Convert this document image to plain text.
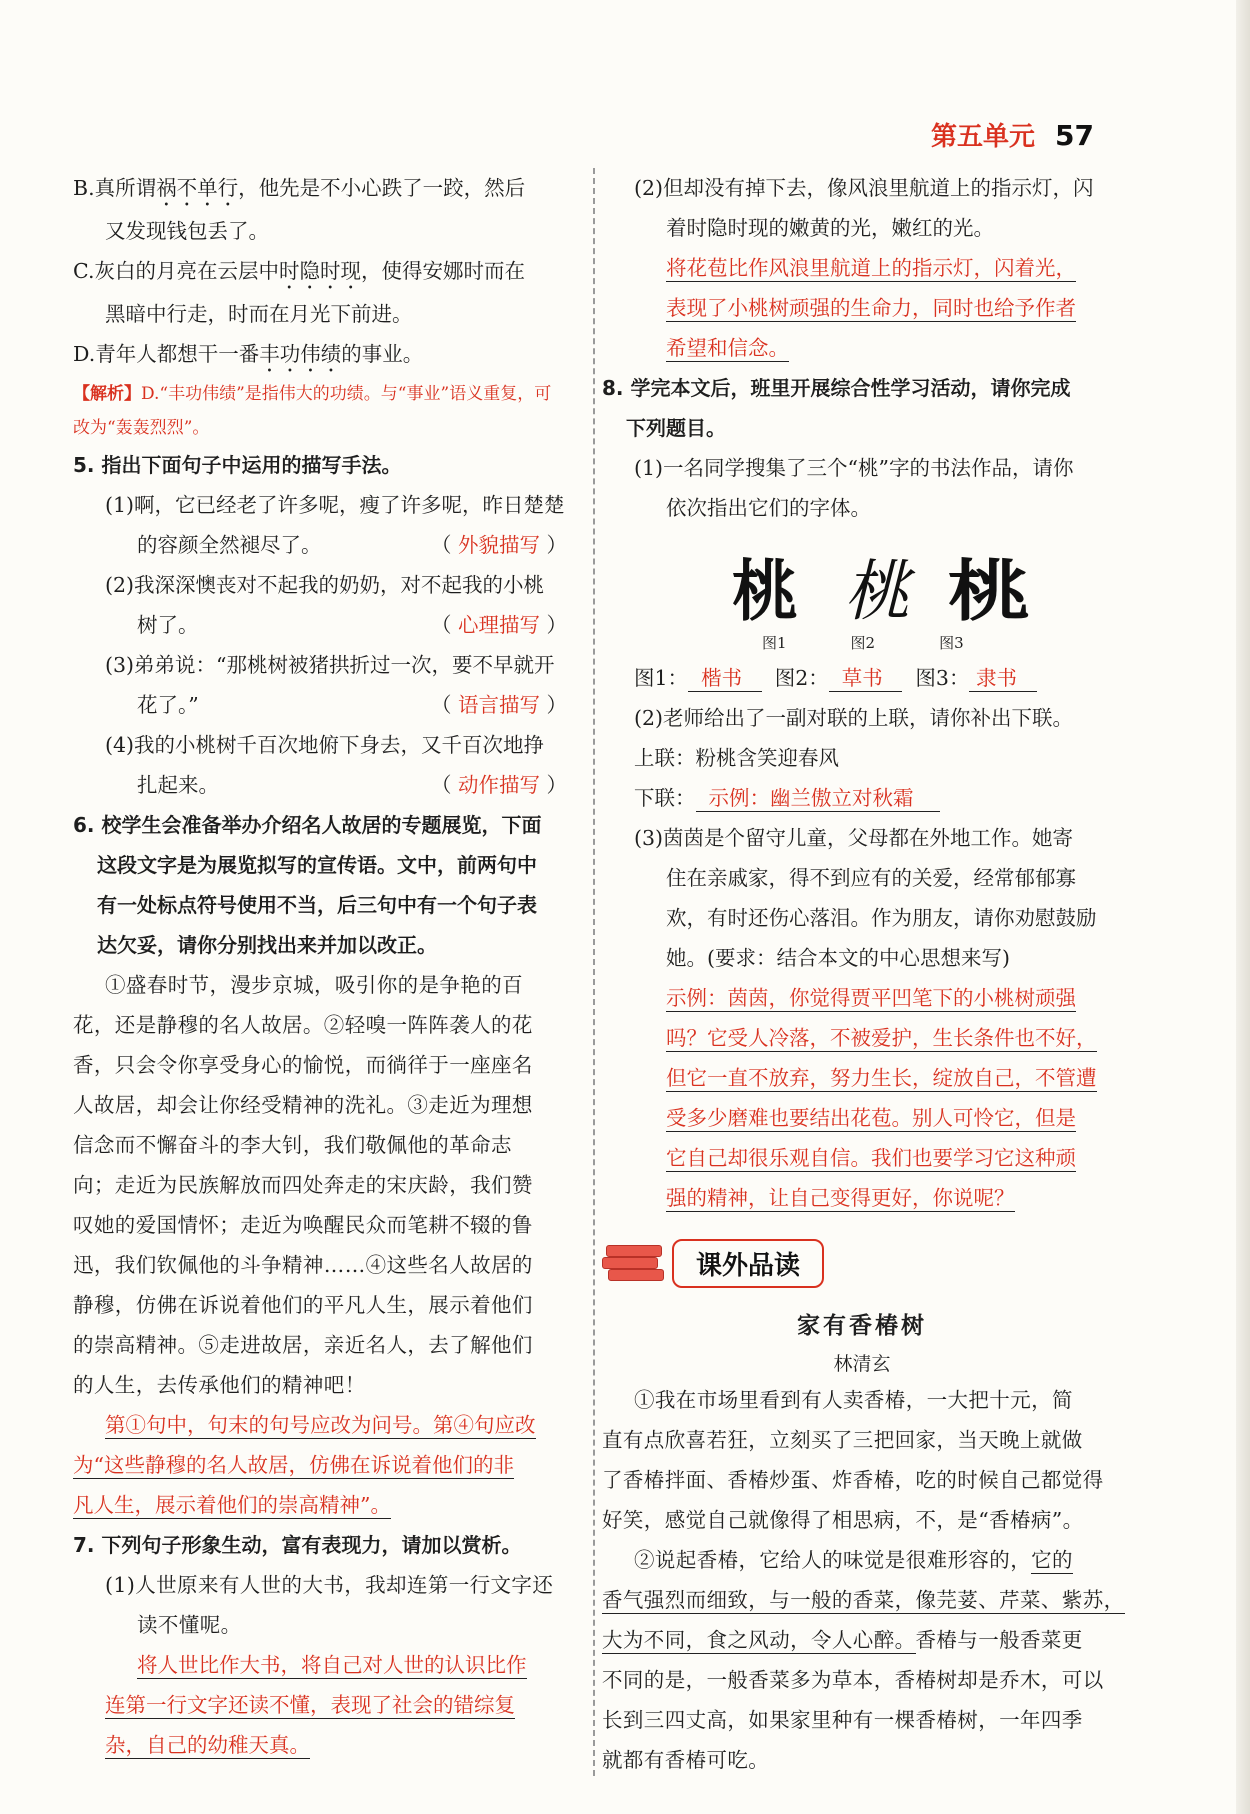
第五单元 57
B.真所谓祸不单行，他先是不小心跌了一跤，然后
又发现钱包丢了。
C.灰白的月亮在云层中时隐时现，使得安娜时而在
黑暗中行走，时而在月光下前进。
D.青年人都想干一番丰功伟绩的事业。
【解析】D.“丰功伟绩”是指伟大的功绩。与“事业”语义重复，可
改为“轰轰烈烈”。
5. 指出下面句子中运用的描写手法。
(1)啊，它已经老了许多呢，瘦了许多呢，昨日楚楚
的容颜全然褪尽了。	（ 外貌描写 ）
(2)我深深懊丧对不起我的奶奶，对不起我的小桃
树了。	（ 心理描写 ）
(3)弟弟说：“那桃树被猪拱折过一次，要不早就开
花了。”	（ 语言描写 ）
(4)我的小桃树千百次地俯下身去，又千百次地挣
扎起来。	（ 动作描写 ）
6. 校学生会准备举办介绍名人故居的专题展览，下面
这段文字是为展览拟写的宣传语。文中，前两句中
有一处标点符号使用不当，后三句中有一个句子表
达欠妥，请你分别找出来并加以改正。
①盛春时节，漫步京城，吸引你的是争艳的百
花，还是静穆的名人故居。②轻嗅一阵阵袭人的花
香，只会令你享受身心的愉悦，而徜徉于一座座名
人故居，却会让你经受精神的洗礼。③走近为理想
信念而不懈奋斗的李大钊，我们敬佩他的革命志
向；走近为民族解放而四处奔走的宋庆龄，我们赞
叹她的爱国情怀；走近为唤醒民众而笔耕不辍的鲁
迅，我们钦佩他的斗争精神……④这些名人故居的
静穆，仿佛在诉说着他们的平凡人生，展示着他们
的崇高精神。⑤走进故居，亲近名人，去了解他们
的人生，去传承他们的精神吧！
第①句中，句末的句号应改为问号。第④句应改
为“这些静穆的名人故居，仿佛在诉说着他们的非
凡人生，展示着他们的崇高精神”。
7. 下列句子形象生动，富有表现力，请加以赏析。
(1)人世原来有人世的大书，我却连第一行文字还
读不懂呢。
将人世比作大书，将自己对人世的认识比作
连第一行文字还读不懂，表现了社会的错综复
杂，自己的幼稚天真。
(2)但却没有掉下去，像风浪里航道上的指示灯，闪
着时隐时现的嫩黄的光，嫩红的光。
将花苞比作风浪里航道上的指示灯，闪着光，
表现了小桃树顽强的生命力，同时也给予作者
希望和信念。
8. 学完本文后，班里开展综合性学习活动，请你完成
下列题目。
(1)一名同学搜集了三个“桃”字的书法作品，请你
依次指出它们的字体。
桃 桃 桃
图1	图2	图3
图1： 楷书 图2： 草书 图3： 隶书
(2)老师给出了一副对联的上联，请你补出下联。
上联：粉桃含笑迎春风
下联： 示例：幽兰傲立对秋霜
(3)茵茵是个留守儿童，父母都在外地工作。她寄
住在亲戚家，得不到应有的关爱，经常郁郁寡
欢，有时还伤心落泪。作为朋友，请你劝慰鼓励
她。(要求：结合本文的中心思想来写)
示例：茵茵，你觉得贾平凹笔下的小桃树顽强
吗？它受人冷落，不被爱护，生长条件也不好，
但它一直不放弃，努力生长，绽放自己，不管遭
受多少磨难也要结出花苞。别人可怜它，但是
它自己却很乐观自信。我们也要学习它这种顽
强的精神，让自己变得更好，你说呢？
课外品读
家有香椿树
林清玄
①我在市场里看到有人卖香椿，一大把十元，简
直有点欣喜若狂，立刻买了三把回家，当天晚上就做
了香椿拌面、香椿炒蛋、炸香椿，吃的时候自己都觉得
好笑，感觉自己就像得了相思病，不，是“香椿病”。
②说起香椿，它给人的味觉是很难形容的，它的
香气强烈而细致，与一般的香菜，像芫荽、芹菜、紫苏，
大为不同，食之风动，令人心醉。香椿与一般香菜更
不同的是，一般香菜多为草本，香椿树却是乔木，可以
长到三四丈高，如果家里种有一棵香椿树，一年四季
就都有香椿可吃。
